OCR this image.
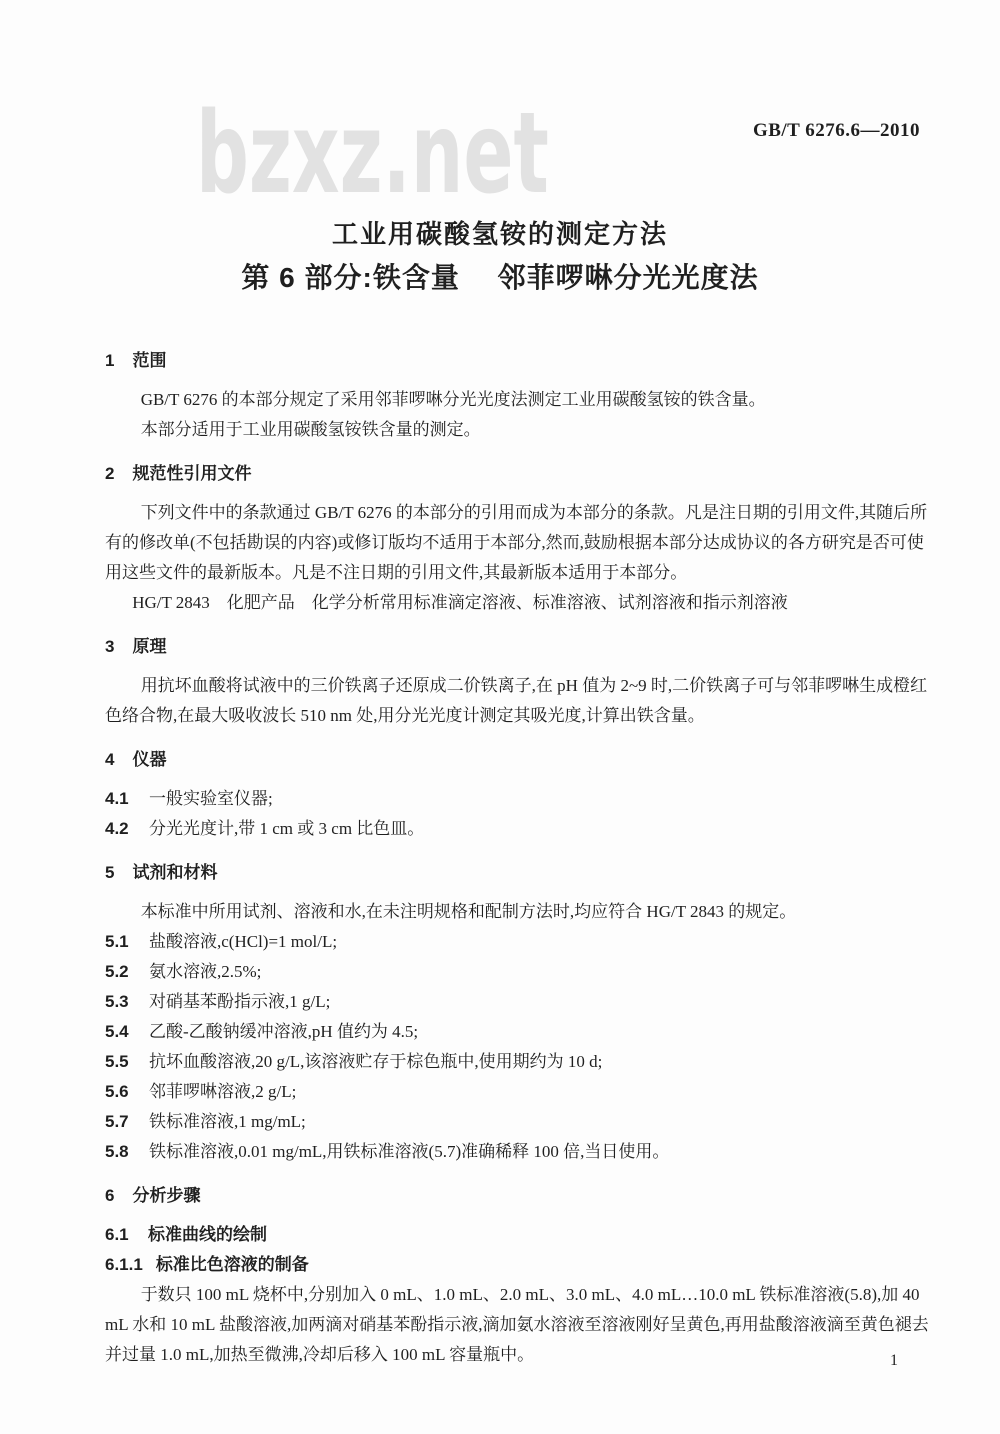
bzxz.net	GB/T 6276.6—2010
工业用碳酸氢铵的测定方法
第 6 部分:铁含量　 邻菲啰啉分光光度法
1 范围

GB/T 6276 的本部分规定了采用邻菲啰啉分光光度法测定工业用碳酸氢铵的铁含量。

本部分适用于工业用碳酸氢铵铁含量的测定。

2 规范性引用文件

下列文件中的条款通过 GB/T 6276 的本部分的引用而成为本部分的条款。凡是注日期的引用文件,其随后所有的修改单(不包括勘误的内容)或修订版均不适用于本部分,然而,鼓励根据本部分达成协议的各方研究是否可使用这些文件的最新版本。凡是不注日期的引用文件,其最新版本适用于本部分。

HG/T 2843　化肥产品　化学分析常用标准滴定溶液、标准溶液、试剂溶液和指示剂溶液

3 原理

用抗坏血酸将试液中的三价铁离子还原成二价铁离子,在 pH 值为 2~9 时,二价铁离子可与邻菲啰啉生成橙红色络合物,在最大吸收波长 510 nm 处,用分光光度计测定其吸光度,计算出铁含量。

4 仪器
4.1	一般实验室仪器;
4.2	分光光度计,带 1 cm 或 3 cm 比色皿。
5 试剂和材料

本标准中所用试剂、溶液和水,在未注明规格和配制方法时,均应符合 HG/T 2843 的规定。

5.1	盐酸溶液,c(HCl)=1 mol/L;
5.2	氨水溶液,2.5%;
5.3	对硝基苯酚指示液,1 g/L;
5.4	乙酸-乙酸钠缓冲溶液,pH 值约为 4.5;
5.5	抗坏血酸溶液,20 g/L,该溶液贮存于棕色瓶中,使用期约为 10 d;
5.6	邻菲啰啉溶液,2 g/L;
5.7	铁标准溶液,1 mg/mL;
5.8	铁标准溶液,0.01 mg/mL,用铁标准溶液(5.7)准确稀释 100 倍,当日使用。
6 分析步骤
6.1	标准曲线的绘制
6.1.1 标准比色溶液的制备

于数只 100 mL 烧杯中,分别加入 0 mL、1.0 mL、2.0 mL、3.0 mL、4.0 mL…10.0 mL 铁标准溶液(5.8),加 40 mL 水和 10 mL 盐酸溶液,加两滴对硝基苯酚指示液,滴加氨水溶液至溶液刚好呈黄色,再用盐酸溶液滴至黄色褪去并过量 1.0 mL,加热至微沸,冷却后移入 100 mL 容量瓶中。	1
